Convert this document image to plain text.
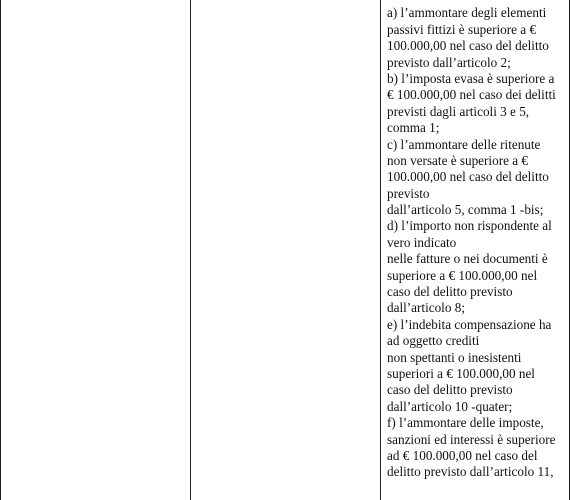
a) l’ammontare degli elementi
passivi fittizi è superiore a €
100.000,00 nel caso del delitto
previsto dall’articolo 2;
b) l’imposta evasa è superiore a
€ 100.000,00 nel caso dei delitti
previsti dagli articoli 3 e 5,
comma 1;
c) l’ammontare delle ritenute
non versate è superiore a €
100.000,00 nel caso del delitto
previsto
dall’articolo 5, comma 1 -bis;
d) l’importo non rispondente al
vero indicato
nelle fatture o nei documenti è
superiore a € 100.000,00 nel
caso del delitto previsto
dall’articolo 8;
e) l’indebita compensazione ha
ad oggetto crediti
non spettanti o inesistenti
superiori a € 100.000,00 nel
caso del delitto previsto
dall’articolo 10 -quater;
f) l’ammontare delle imposte,
sanzioni ed interessi è superiore
ad € 100.000,00 nel caso del
delitto previsto dall’articolo 11,
